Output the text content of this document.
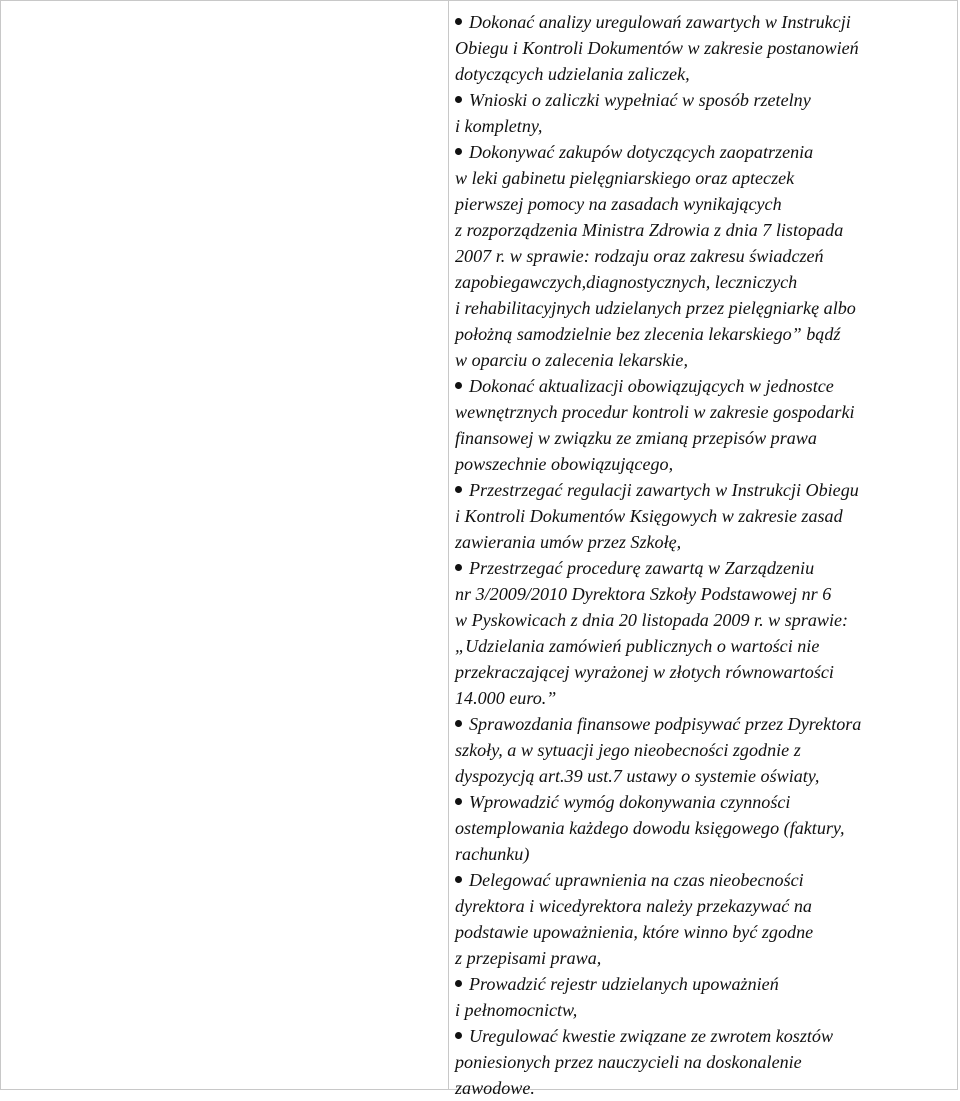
Dokonać analizy uregulowań zawartych w Instrukcji
Obiegu i Kontroli Dokumentów w zakresie postanowień
dotyczących udzielania zaliczek,
Wnioski o zaliczki wypełniać w sposób rzetelny
i kompletny,
Dokonywać zakupów dotyczących zaopatrzenia
w leki gabinetu pielęgniarskiego oraz apteczek
pierwszej pomocy na zasadach wynikających
z rozporządzenia Ministra Zdrowia z dnia 7 listopada
2007 r. w sprawie: rodzaju oraz zakresu świadczeń
zapobiegawczych,diagnostycznych, leczniczych
i rehabilitacyjnych udzielanych przez pielęgniarkę albo
położną samodzielnie bez zlecenia lekarskiego” bądź
w oparciu o zalecenia lekarskie,
Dokonać aktualizacji obowiązujących w jednostce
wewnętrznych procedur kontroli w zakresie gospodarki
finansowej w związku ze zmianą przepisów prawa
powszechnie obowiązującego,
Przestrzegać regulacji zawartych w Instrukcji Obiegu
i Kontroli Dokumentów Księgowych w zakresie zasad
zawierania umów przez Szkołę,
Przestrzegać procedurę zawartą w Zarządzeniu
nr 3/2009/2010 Dyrektora Szkoły Podstawowej nr 6
w Pyskowicach z dnia 20 listopada 2009 r. w sprawie:
„Udzielania zamówień publicznych o wartości nie
przekraczającej wyrażonej w złotych równowartości
14.000 euro.”
Sprawozdania finansowe podpisywać przez Dyrektora
szkoły, a w sytuacji jego nieobecności zgodnie z
dyspozycją art.39 ust.7 ustawy o systemie oświaty,
Wprowadzić wymóg dokonywania czynności
ostemplowania każdego dowodu księgowego (faktury,
rachunku)
Delegować uprawnienia na czas nieobecności
dyrektora i wicedyrektora należy przekazywać na
podstawie upoważnienia, które winno być zgodne
z przepisami prawa,
Prowadzić rejestr udzielanych upoważnień
i pełnomocnictw,
Uregulować kwestie związane ze zwrotem kosztów
poniesionych przez nauczycieli na doskonalenie
zawodowe.
